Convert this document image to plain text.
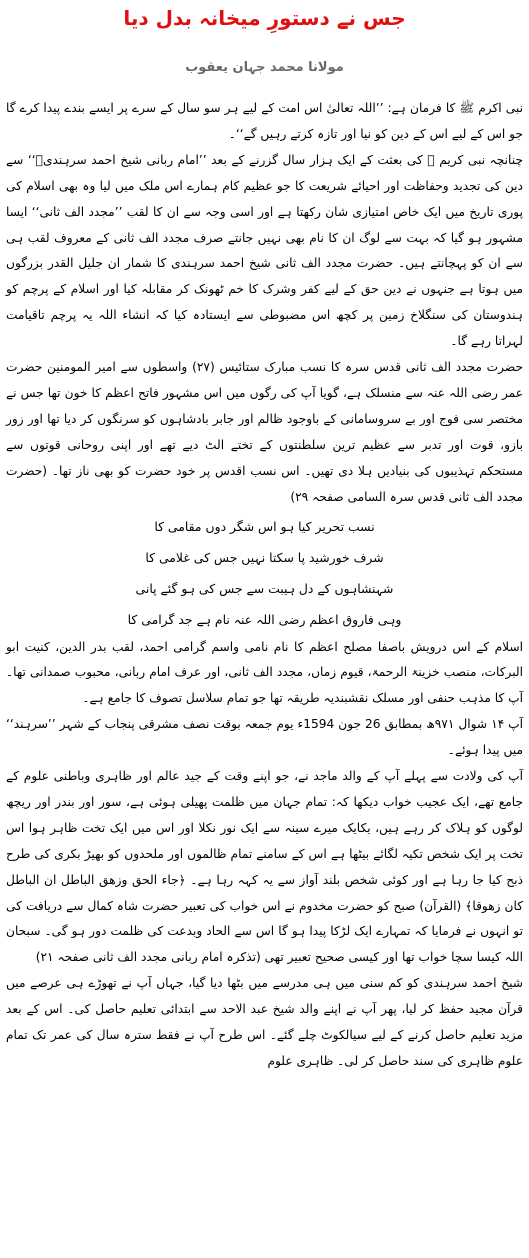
جس نے دستورِ میخانہ بدل دیا
مولانا محمد جہان یعقوب

نبی اکرم ﷺ کا فرمان ہے: ’’اللہ تعالیٰ اس امت کے لیے ہر سو سال کے سرے پر ایسے بندے پیدا کرے گا جو اس کے لیے اس کے دین کو نیا اور تازہ کرتے رہیں گے‘‘۔

چنانچہ نبی کریم ﷺ کی بعثت کے ایک ہزار سال گزرنے کے بعد ’’امام ربانی شیخ احمد سرہندیؒ‘‘ سے دین کی تجدید وحفاظت اور احیائے شریعت کا جو عظیم کام ہمارے اس ملک میں لیا وہ بھی اسلام کی پوری تاریخ میں ایک خاص امتیازی شان رکھتا ہے اور اسی وجہ سے ان کا لقب ’’مجدد الف ثانی‘‘ ایسا مشہور ہو گیا کہ بہت سے لوگ ان کا نام بھی نہیں جانتے صرف مجدد الف ثانی کے معروف لقب ہی سے ان کو پہچانتے ہیں۔ حضرت مجدد الف ثانی شیخ احمد سرہندی کا شمار ان جلیل القدر بزرگوں میں ہوتا ہے جنہوں نے دین حق کے لیے کفر وشرک کا خم ٹھونک کر مقابلہ کیا اور اسلام کے پرچم کو ہندوستان کی سنگلاخ زمین پر کچھ اس مضبوطی سے ایستادہ کیا کہ انشاء اللہ یہ پرچم تاقیامت لہراتا رہے گا۔

حضرت مجدد الف ثانی قدس سرہ کا نسب مبارک ستائیس (۲۷) واسطوں سے امیر المومنین حضرت عمر رضی اللہ عنہ سے منسلک ہے، گویا آپ کی رگوں میں اس مشہور فاتح اعظم کا خون تھا جس نے مختصر سی فوج اور بے سروسامانی کے باوجود ظالم اور جابر بادشاہوں کو سرنگوں کر دیا تھا اور زور بازو، قوت اور تدبر سے عظیم ترین سلطنتوں کے تختے الٹ دیے تھے اور اپنی روحانی قوتوں سے مستحکم تہذیبوں کی بنیادیں ہلا دی تھیں۔ اس نسب اقدس پر خود حضرت کو بھی ناز تھا۔ (حضرت مجدد الف ثانی قدس سرہ السامی صفحہ ۲۹)

نسب تحریر کیا ہو اس شگر دوں مقامی کا

شرف خورشید پا سکتا نہیں جس کی غلامی کا

شہنشاہوں کے دل ہیبت سے جس کی ہو گئے پانی

وہی فاروق اعظم رضی اللہ عنہ نام ہے جد گرامی کا

اسلام کے اس درویش باصفا مصلح اعظم کا نام نامی واسم گرامی احمد، لقب بدر الدین، کنیت ابو البرکات، منصب خزینۃ الرحمۃ، قیوم زماں، مجدد الف ثانی، اور عرف امام ربانی، محبوب صمدانی تھا۔ آپ کا مذہب حنفی اور مسلک نقشبندیہ طریقہ تھا جو تمام سلاسل تصوف کا جامع ہے۔

آپ ۱۴ شوال ۹۷۱ھ بمطابق 26 جون 1594ء یوم جمعہ بوقت نصف مشرقی پنجاب کے شہر ’’سرہند‘‘ میں پیدا ہوئے۔

آپ کی ولادت سے پہلے آپ کے والد ماجد نے، جو اپنے وقت کے جید عالم اور ظاہری وباطنی علوم کے جامع تھے، ایک عجیب خواب دیکھا کہ: تمام جہان میں ظلمت پھیلی ہوئی ہے، سور اور بندر اور ریچھ لوگوں کو ہلاک کر رہے ہیں، یکایک میرے سینہ سے ایک نور نکلا اور اس میں ایک تخت ظاہر ہوا اس تخت پر ایک شخص تکیہ لگائے بیٹھا ہے اس کے سامنے تمام ظالموں اور ملحدوں کو بھیڑ بکری کی طرح ذبح کیا جا رہا ہے اور کوئی شخص بلند آواز سے یہ کہہ رہا ہے۔ ﴿جاء الحق وزھق الباطل ان الباطل کان زھوقا﴾ (القرآن) صبح کو حضرت مخدوم نے اس خواب کی تعبیر حضرت شاہ کمال سے دریافت کی تو انہوں نے فرمایا کہ تمہارے ایک لڑکا پیدا ہو گا اس سے الحاد وبدعت کی ظلمت دور ہو گی۔ سبحان اللہ کیسا سچا خواب تھا اور کیسی صحیح تعبیر تھی (تذکرہ امام ربانی مجدد الف ثانی صفحہ ۲۱)

شیخ احمد سرہندی کو کم سنی میں ہی مدرسے میں بٹھا دیا گیا، جہاں آپ نے تھوڑے ہی عرصے میں قرآن مجید حفظ کر لیا، پھر آپ نے اپنے والد شیخ عبد الاحد سے ابتدائی تعلیم حاصل کی۔ اس کے بعد مزید تعلیم حاصل کرنے کے لیے سیالکوٹ چلے گئے۔ اس طرح آپ نے فقط سترہ سال کی عمر تک تمام علوم ظاہری کی سند حاصل کر لی۔ ظاہری علوم
